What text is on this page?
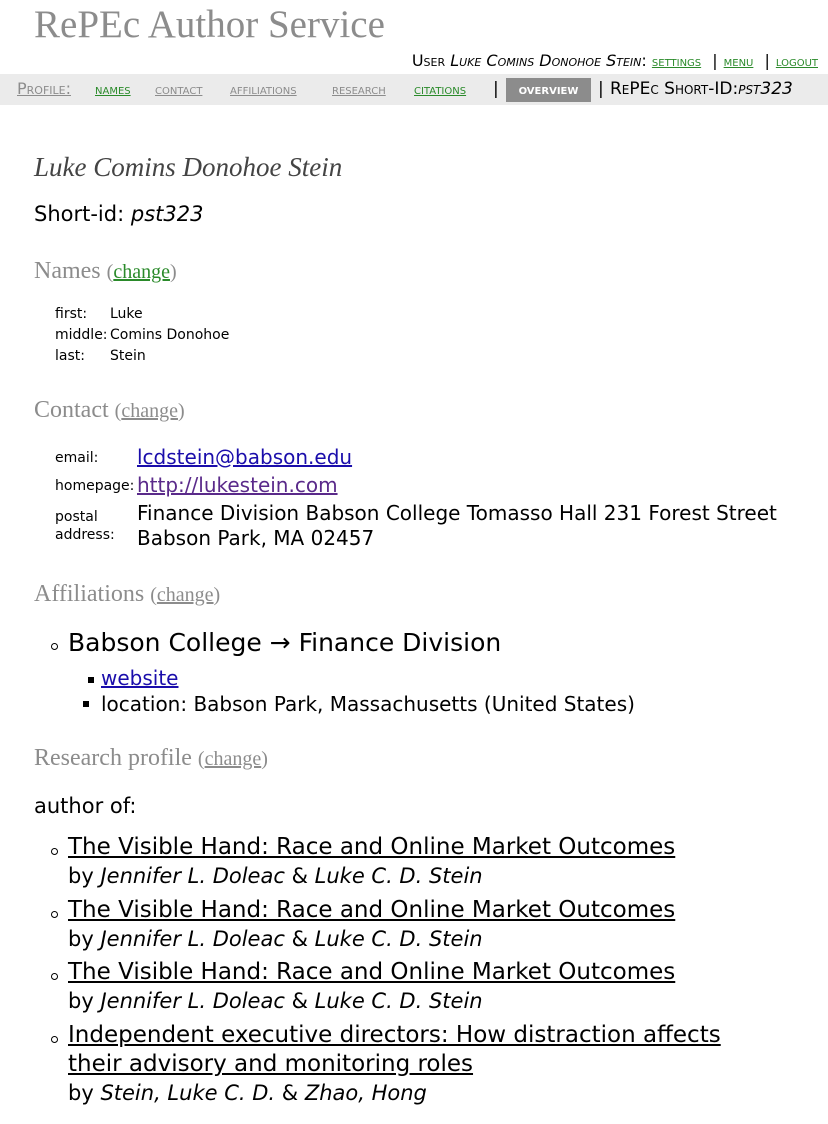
RePEc Author Service
User Luke Comins Donohoe Stein: settings | menu | logout
Profile: names contact affiliations	research citations |	overview	| RePEc Short-ID:pst323
Luke Comins Donohoe Stein
Short-id: pst323
Names (change)
first:	Luke
middle: Comins Donohoe
last:	Stein
Contact (change)
email: lcdstein@babson.edu
homepage: http://lukestein.com
postal
address:
Finance Division Babson College Tomasso Hall 231 Forest Street
Babson Park, MA 02457
Affiliations (change)
Babson College → Finance Division
website
location: Babson Park, Massachusetts (United States)
Research profile (change)
author of:
The Visible Hand: Race and Online Market Outcomes
by Jennifer L. Doleac & Luke C. D. Stein
The Visible Hand: Race and Online Market Outcomes
by Jennifer L. Doleac & Luke C. D. Stein
The Visible Hand: Race and Online Market Outcomes
by Jennifer L. Doleac & Luke C. D. Stein
Independent executive directors: How distraction affects
their advisory and monitoring roles
by Stein, Luke C. D. & Zhao, Hong
